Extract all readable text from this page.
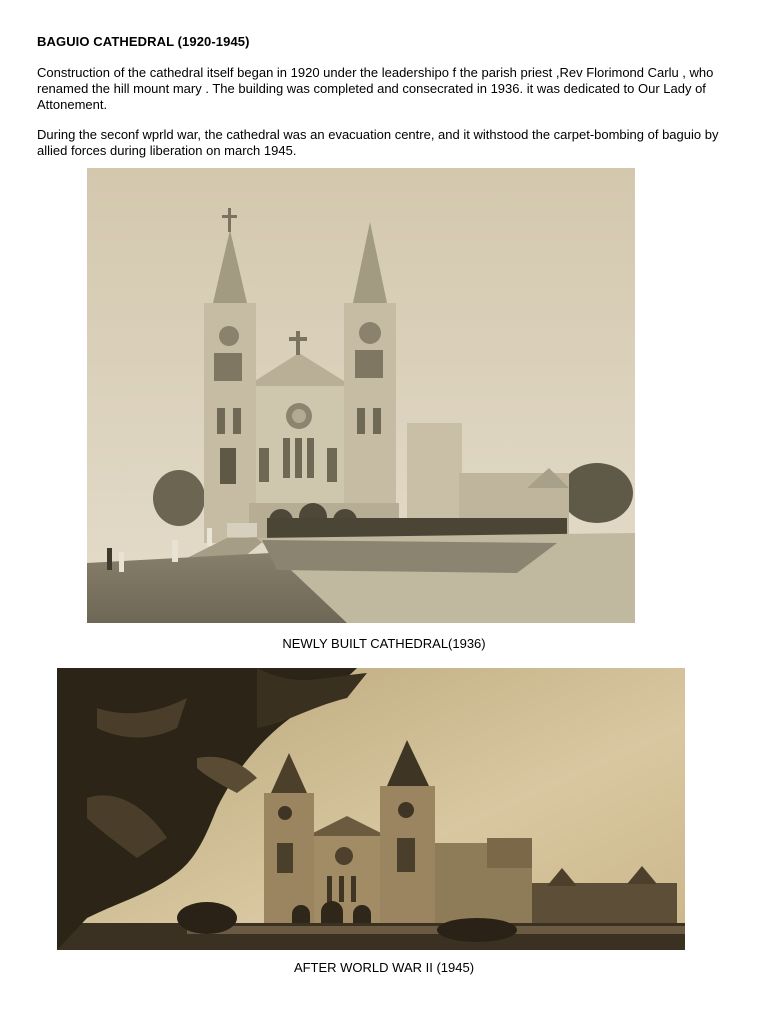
BAGUIO CATHEDRAL (1920-1945)
Construction of the cathedral itself began in 1920 under the leadershipo f the parish priest ,Rev Florimond Carlu , who renamed the hill mount mary . The building was completed and consecrated in 1936. it was dedicated to Our Lady of Attonement.
During the seconf wprld war, the cathedral was an evacuation centre, and it withstood the carpet-bombing of baguio by allied forces during liberation on march 1945.
NEWLY BUILT CATHEDRAL(1936)
AFTER WORLD WAR II (1945)
